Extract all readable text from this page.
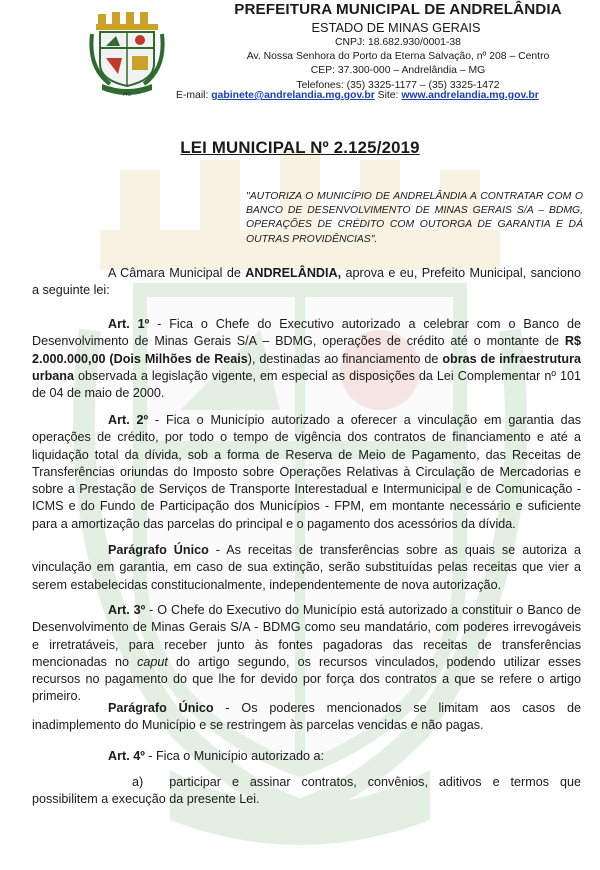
MG
PREFEITURA MUNICIPAL DE ANDRELÂNDIA
ESTADO DE MINAS GERAIS
CNPJ: 18.682.930/0001-38
Av. Nossa Senhora do Porto da Eterna Salvação, nº 208 – Centro
CEP: 37.300-000 – Andrelândia – MG
Telefones: (35) 3325-1177 – (35) 3325-1472
E-mail: gabinete@andrelandia.mg.gov.br Site: www.andrelandia.mg.gov.br
LEI MUNICIPAL Nº 2.125/2019
"AUTORIZA O MUNICÍPIO DE ANDRELÂNDIA A CONTRATAR COM O BANCO DE DESENVOLVIMENTO DE MINAS GERAIS S/A – BDMG, OPERAÇÕES DE CRÉDITO COM OUTORGA DE GARANTIA E DÁ OUTRAS PROVIDÊNCIAS".
A Câmara Municipal de ANDRELÂNDIA, aprova e eu, Prefeito Municipal, sanciono a seguinte lei:
Art. 1º - Fica o Chefe do Executivo autorizado a celebrar com o Banco de Desenvolvimento de Minas Gerais S/A – BDMG, operações de crédito até o montante de R$ 2.000.000,00 (Dois Milhões de Reais), destinadas ao financiamento de obras de infraestrutura urbana observada a legislação vigente, em especial as disposições da Lei Complementar nº 101 de 04 de maio de 2000.
Art. 2º - Fica o Município autorizado a oferecer a vinculação em garantia das operações de crédito, por todo o tempo de vigência dos contratos de financiamento e até a liquidação total da dívida, sob a forma de Reserva de Meio de Pagamento, das Receitas de Transferências oriundas do Imposto sobre Operações Relativas à Circulação de Mercadorias e sobre a Prestação de Serviços de Transporte Interestadual e Intermunicipal e de Comunicação - ICMS e do Fundo de Participação dos Municípios - FPM, em montante necessário e suficiente para a amortização das parcelas do principal e o pagamento dos acessórios da dívida.
Parágrafo Único - As receitas de transferências sobre as quais se autoriza a vinculação em garantia, em caso de sua extinção, serão substituídas pelas receitas que vier a serem estabelecidas constitucionalmente, independentemente de nova autorização.
Art. 3º - O Chefe do Executivo do Município está autorizado a constituir o Banco de Desenvolvimento de Minas Gerais S/A - BDMG como seu mandatário, com poderes irrevogáveis e irretratáveis, para receber junto às fontes pagadoras das receitas de transferências mencionadas no caput do artigo segundo, os recursos vinculados, podendo utilizar esses recursos no pagamento do que lhe for devido por força dos contratos a que se refere o artigo primeiro.
Parágrafo Único - Os poderes mencionados se limitam aos casos de inadimplemento do Município e se restringem às parcelas vencidas e não pagas.
Art. 4º - Fica o Município autorizado a:
a) participar e assinar contratos, convênios, aditivos e termos que possibilitem a execução da presente Lei.
